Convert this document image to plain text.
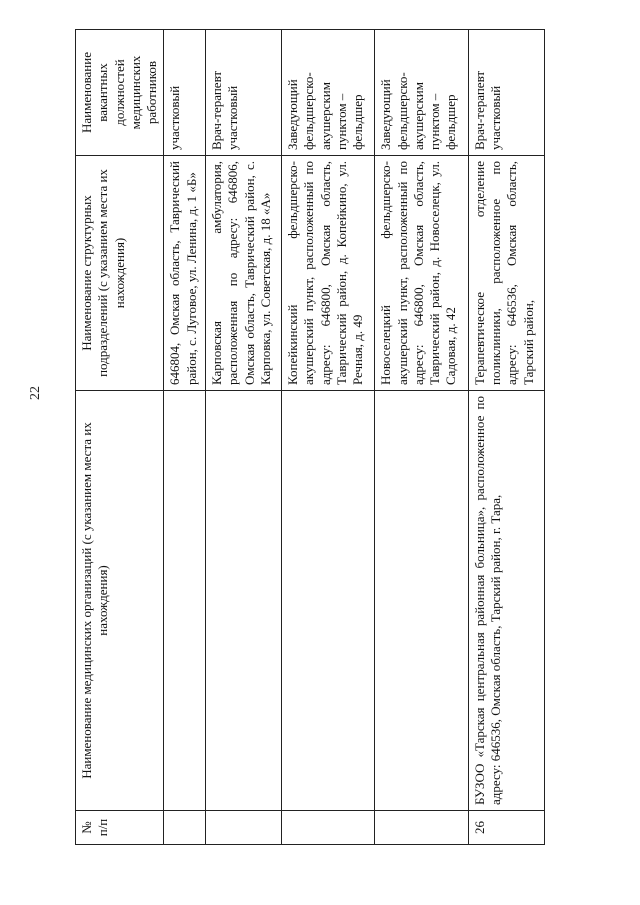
22
№ п/п	Наименование медицинских организаций (с указанием места их нахождения)	Наименование структурных подразделений (с указанием места их нахождения)	Наименование вакантных должностей медицинских работников
		646804, Омская область, Таврический район, с. Луговое, ул. Ленина, д. 1 «Б»	участковый
		Карповская амбулатория, расположенная по адресу: 646806, Омская область, Таврический район, с. Карповка, ул. Советская, д. 18 «А»	Врач-терапевт участковый
		Копейкинский фельдшерско-акушерский пункт, расположенный по адресу: 646800, Омская область, Таврический район, д. Копейкино, ул. Речная, д. 49	Заведующий фельдшерско-акушерским пунктом – фельдшер
		Новоселецкий фельдшерско-акушерский пункт, расположенный по адресу: 646800, Омская область, Таврический район, д. Новоселецк, ул. Садовая, д. 42	Заведующий фельдшерско-акушерским пунктом – фельдшер
26	БУЗОО «Тарская центральная районная больница», расположенное по адресу: 646536, Омская область, Тарский район, г. Тара,	Терапевтическое отделение поликлиники, расположенное по адресу: 646536, Омская область, Тарский район,	Врач-терапевт участковый
